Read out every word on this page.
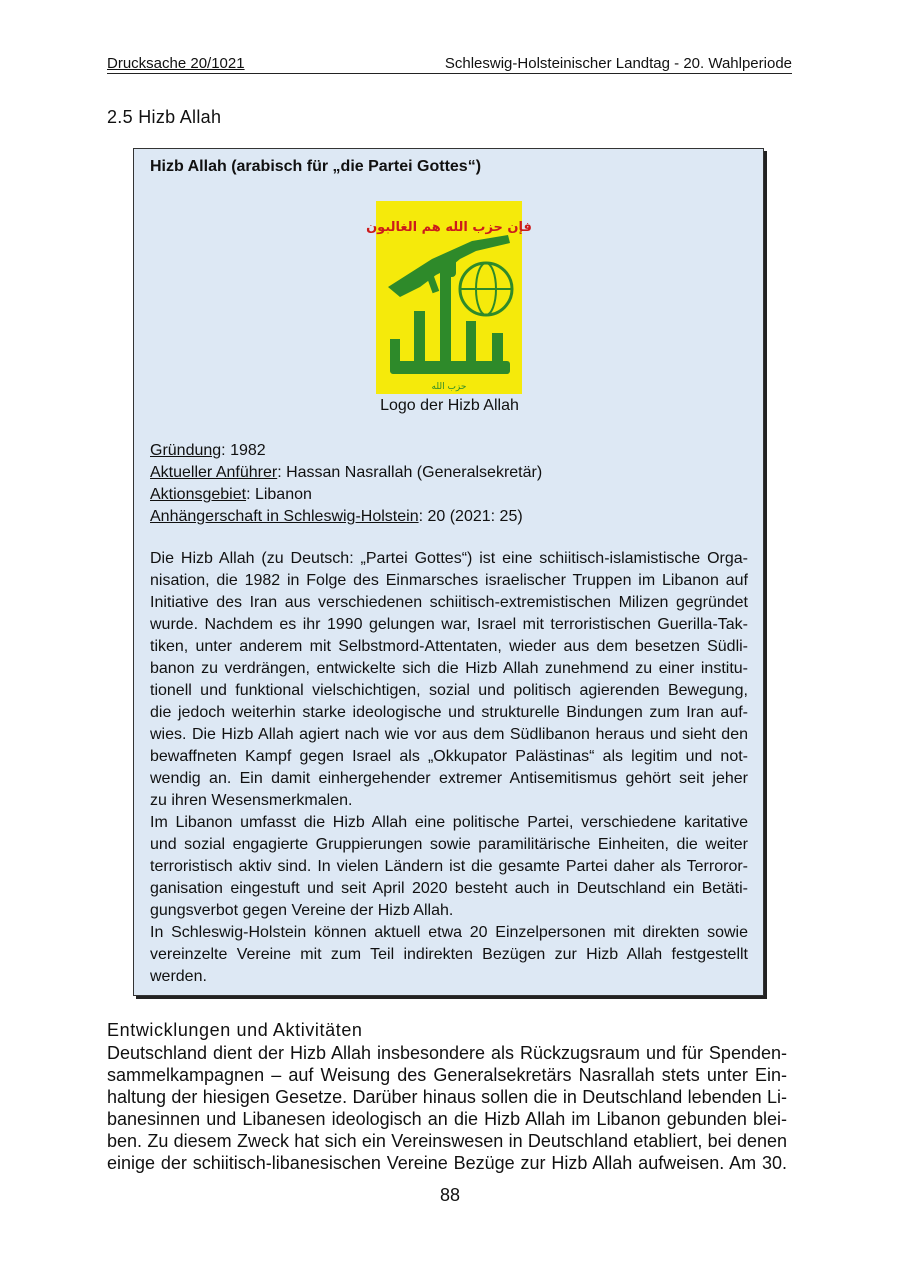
Drucksache 20/1021	Schleswig-Holsteinischer Landtag - 20. Wahlperiode
2.5 Hizb Allah
Hizb Allah (arabisch für „die Partei Gottes“)
فإن حزب الله هم الغالبون
حزب الله
Logo der Hizb Allah
Gründung: 1982
Aktueller Anführer: Hassan Nasrallah (Generalsekretär)
Aktionsgebiet: Libanon
Anhängerschaft in Schleswig-Holstein: 20 (2021: 25)
Die Hizb Allah (zu Deutsch: „Partei Gottes“) ist eine schiitisch-islamistische Orga-
nisation, die 1982 in Folge des Einmarsches israelischer Truppen im Libanon auf
Initiative des Iran aus verschiedenen schiitisch-extremistischen Milizen gegründet
wurde. Nachdem es ihr 1990 gelungen war, Israel mit terroristischen Guerilla-Tak-
tiken, unter anderem mit Selbstmord-Attentaten, wieder aus dem besetzen Südli-
banon zu verdrängen, entwickelte sich die Hizb Allah zunehmend zu einer institu-
tionell und funktional vielschichtigen, sozial und politisch agierenden Bewegung,
die jedoch weiterhin starke ideologische und strukturelle Bindungen zum Iran auf-
wies. Die Hizb Allah agiert nach wie vor aus dem Südlibanon heraus und sieht den
bewaffneten Kampf gegen Israel als „Okkupator Palästinas“ als legitim und not-
wendig an. Ein damit einhergehender extremer Antisemitismus gehört seit jeher
zu ihren Wesensmerkmalen.
Im Libanon umfasst die Hizb Allah eine politische Partei, verschiedene karitative
und sozial engagierte Gruppierungen sowie paramilitärische Einheiten, die weiter
terroristisch aktiv sind. In vielen Ländern ist die gesamte Partei daher als Terroror-
ganisation eingestuft und seit April 2020 besteht auch in Deutschland ein Betäti-
gungsverbot gegen Vereine der Hizb Allah.
In Schleswig-Holstein können aktuell etwa 20 Einzelpersonen mit direkten sowie
vereinzelte Vereine mit zum Teil indirekten Bezügen zur Hizb Allah festgestellt
werden.
Entwicklungen und Aktivitäten
Deutschland dient der Hizb Allah insbesondere als Rückzugsraum und für Spenden-
sammelkampagnen – auf Weisung des Generalsekretärs Nasrallah stets unter Ein-
haltung der hiesigen Gesetze. Darüber hinaus sollen die in Deutschland lebenden Li-
banesinnen und Libanesen ideologisch an die Hizb Allah im Libanon gebunden blei-
ben. Zu diesem Zweck hat sich ein Vereinswesen in Deutschland etabliert, bei denen
einige der schiitisch-libanesischen Vereine Bezüge zur Hizb Allah aufweisen. Am 30.
88
